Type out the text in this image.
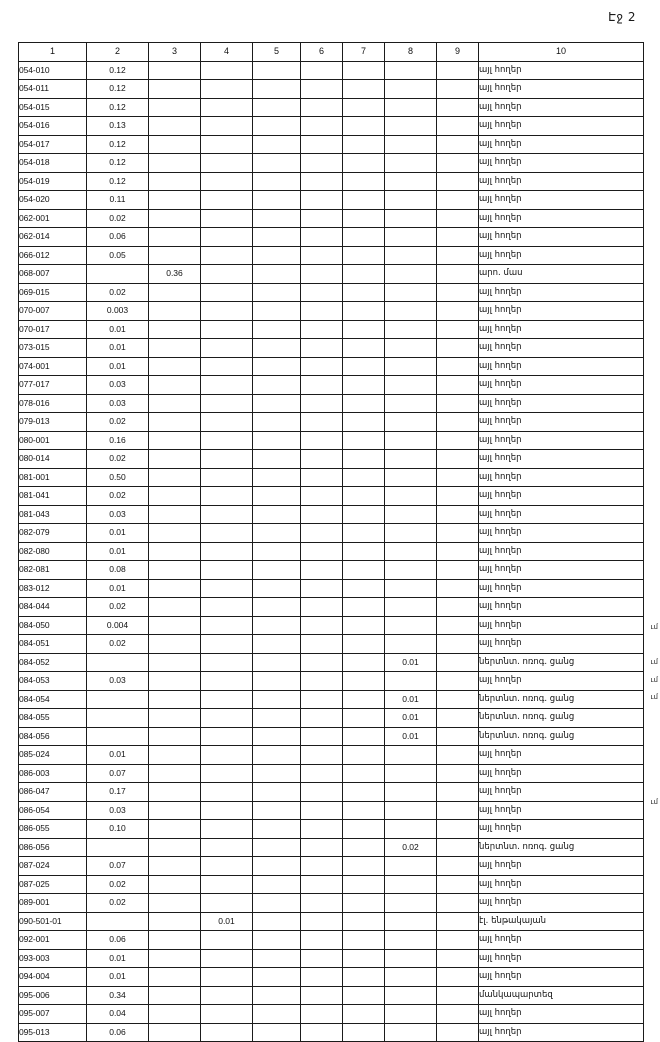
Էջ 2
1	2	3	4	5	6	7	8	9	10
054-010	0.12								այլ հողեր
054-011	0.12								այլ հողեր
054-015	0.12								այլ հողեր
054-016	0.13								այլ հողեր
054-017	0.12								այլ հողեր
054-018	0.12								այլ հողեր
054-019	0.12								այլ հողեր
054-020	0.11								այլ հողեր
062-001	0.02								այլ հողեր
062-014	0.06								այլ հողեր
066-012	0.05								այլ հողեր
068-007		0.36							արո. մաս
069-015	0.02								այլ հողեր
070-007	0.003								այլ հողեր
070-017	0.01								այլ հողեր
073-015	0.01								այլ հողեր
074-001	0.01								այլ հողեր
077-017	0.03								այլ հողեր
078-016	0.03								այլ հողեր
079-013	0.02								այլ հողեր
080-001	0.16								այլ հողեր
080-014	0.02								այլ հողեր
081-001	0.50								այլ հողեր
081-041	0.02								այլ հողեր
081-043	0.03								այլ հողեր
082-079	0.01								այլ հողեր
082-080	0.01								այլ հողեր
082-081	0.08								այլ հողեր
083-012	0.01								այլ հողեր
084-044	0.02								այլ հողեր
084-050	0.004								այլ հողեր
084-051	0.02								այլ հողեր
084-052							0.01		ներտնտ. ոռոգ. ցանց
084-053	0.03								այլ հողեր
084-054							0.01		ներտնտ. ոռոգ. ցանց
084-055							0.01		ներտնտ. ոռոգ. ցանց
084-056							0.01		ներտնտ. ոռոգ. ցանց
085-024	0.01								այլ հողեր
086-003	0.07								այլ հողեր
086-047	0.17								այլ հողեր
086-054	0.03								այլ հողեր
086-055	0.10								այլ հողեր
086-056							0.02		ներտնտ. ոռոգ. ցանց
087-024	0.07								այլ հողեր
087-025	0.02								այլ հողեր
089-001	0.02								այլ հողեր
090-501-01			0.01						էլ. ենթակայան
092-001	0.06								այլ հողեր
093-003	0.01								այլ հողեր
094-004	0.01								այլ հողեր
095-006	0.34								մանկապարտեզ
095-007	0.04								այլ հողեր
095-013	0.06								այլ հողեր
ւմ
ւմ
ւմ
ւմ
ւմ
